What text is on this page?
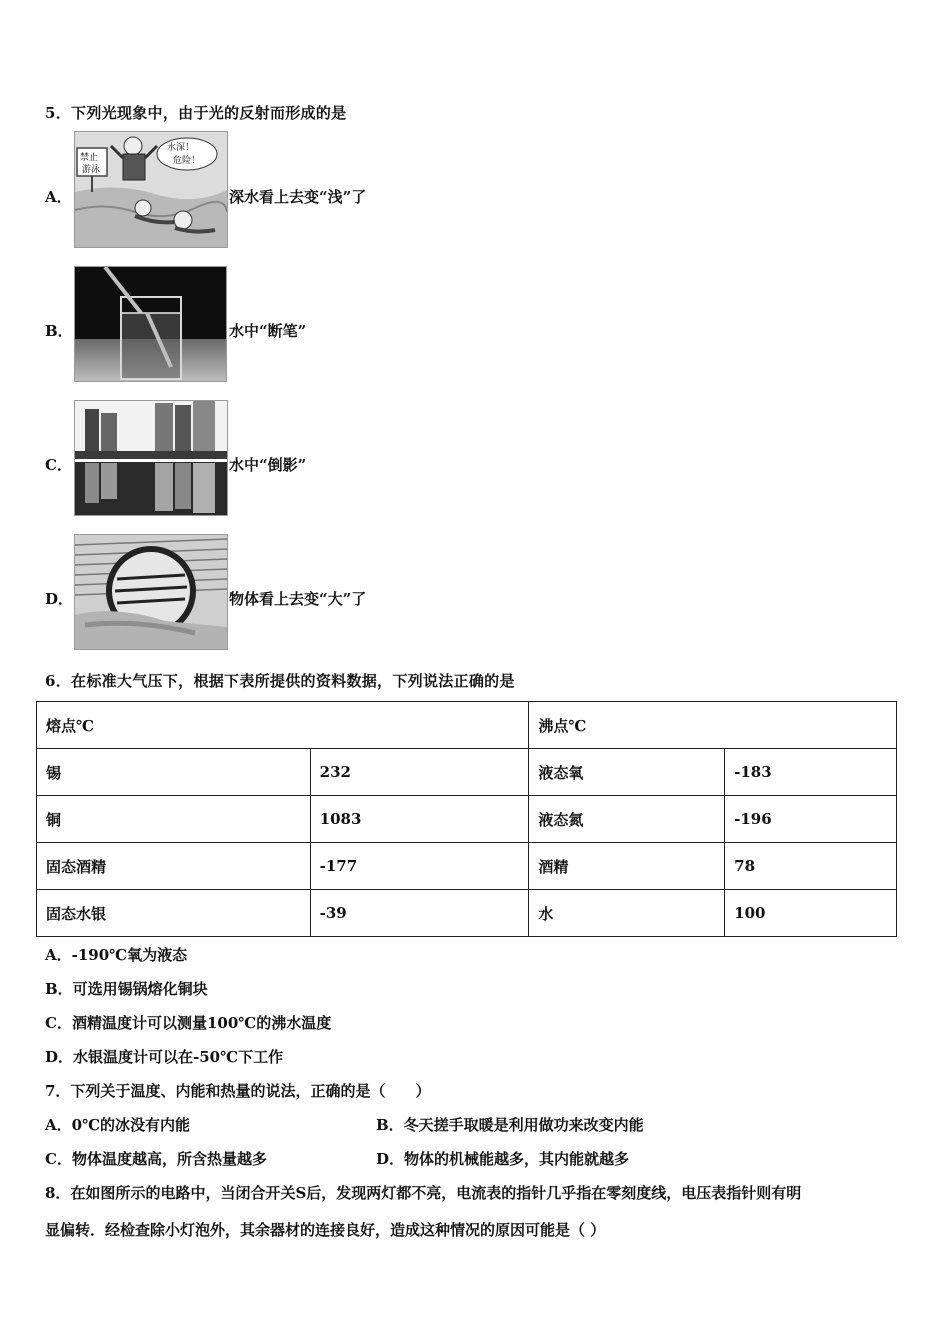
5．下列光现象中，由于光的反射而形成的是
A．
禁止
游泳
水深！
危险！
深水看上去变“浅”了
B．	水中“断笔”
C．	水中“倒影”
D．	物体看上去变“大”了
6．在标准大气压下，根据下表所提供的资料数据，下列说法正确的是
熔点℃		沸点℃	
锡	232	液态氧	-183
铜	1083	液态氮	-196
固态酒精	-177	酒精	78
固态水银	-39	水	100
A．-190℃氧为液态
B．可选用锡锅熔化铜块
C．酒精温度计可以测量100℃的沸水温度
D．水银温度计可以在-50℃下工作
7．下列关于温度、内能和热量的说法，正确的是（　　）
A．0℃的冰没有内能	B．冬天搓手取暖是利用做功来改变内能
C．物体温度越高，所含热量越多	D．物体的机械能越多，其内能就越多
8．在如图所示的电路中，当闭合开关S后，发现两灯都不亮，电流表的指针几乎指在零刻度线，电压表指针则有明
显偏转．经检查除小灯泡外，其余器材的连接良好，造成这种情况的原因可能是（ ）
